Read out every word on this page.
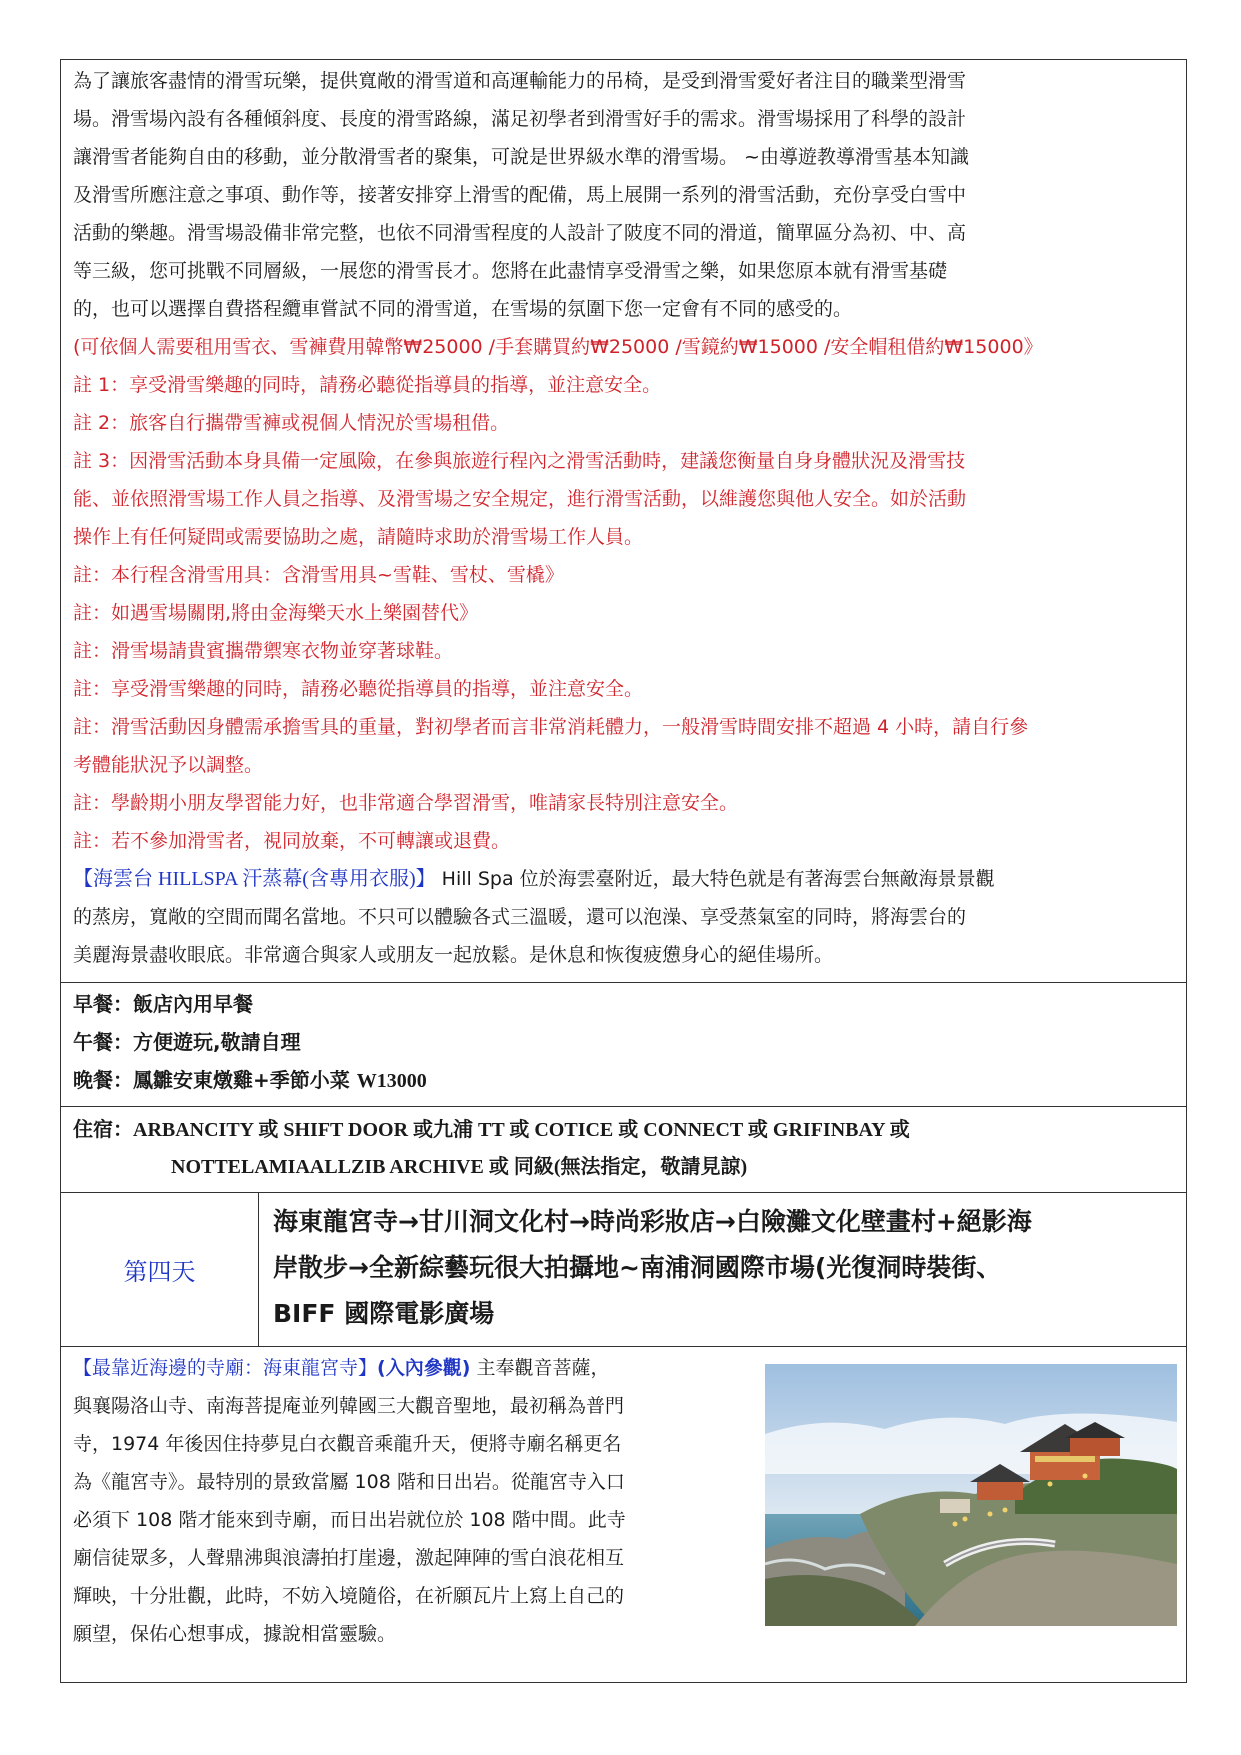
為了讓旅客盡情的滑雪玩樂，提供寬敞的滑雪道和高運輸能力的吊椅，是受到滑雪愛好者注目的職業型滑雪
場。滑雪場內設有各種傾斜度、長度的滑雪路線，滿足初學者到滑雪好手的需求。滑雪場採用了科學的設計
讓滑雪者能夠自由的移動，並分散滑雪者的聚集，可說是世界級水準的滑雪場。 ~由導遊教導滑雪基本知識
及滑雪所應注意之事項、動作等，接著安排穿上滑雪的配備，馬上展開一系列的滑雪活動，充份享受白雪中
活動的樂趣。滑雪場設備非常完整，也依不同滑雪程度的人設計了陂度不同的滑道，簡單區分為初、中、高
等三級，您可挑戰不同層級，一展您的滑雪長才。您將在此盡情享受滑雪之樂，如果您原本就有滑雪基礎
的，也可以選擇自費搭程纜車嘗試不同的滑雪道，在雪場的氛圍下您一定會有不同的感受的。
(可依個人需要租用雪衣、雪褲費用韓幣₩25000 /手套購買約₩25000 /雪鏡約₩15000 /安全帽租借約₩15000》
註 1：享受滑雪樂趣的同時，請務必聽從指導員的指導，並注意安全。
註 2：旅客自行攜帶雪褲或視個人情況於雪場租借。
註 3：因滑雪活動本身具備一定風險，在參與旅遊行程內之滑雪活動時，建議您衡量自身身體狀況及滑雪技
能、並依照滑雪場工作人員之指導、及滑雪場之安全規定，進行滑雪活動，以維護您與他人安全。如於活動
操作上有任何疑問或需要協助之處，請隨時求助於滑雪場工作人員。
註：本行程含滑雪用具：含滑雪用具~雪鞋、雪杖、雪橇》
註：如遇雪場關閉,將由金海樂天水上樂園替代》
註：滑雪場請貴賓攜帶禦寒衣物並穿著球鞋。
註：享受滑雪樂趣的同時，請務必聽從指導員的指導，並注意安全。
註：滑雪活動因身體需承擔雪具的重量，對初學者而言非常消耗體力，一般滑雪時間安排不超過 4 小時，請自行參
考體能狀況予以調整。
註：學齡期小朋友學習能力好，也非常適合學習滑雪，唯請家長特別注意安全。
註：若不參加滑雪者，視同放棄，不可轉讓或退費。
【海雲台 HILLSPA 汗蒸幕(含專用衣服)】 Hill Spa 位於海雲臺附近，最大特色就是有著海雲台無敵海景景觀
的蒸房，寬敞的空間而聞名當地。不只可以體驗各式三溫暖，還可以泡澡、享受蒸氣室的同時，將海雲台的
美麗海景盡收眼底。非常適合與家人或朋友一起放鬆。是休息和恢復疲憊身心的絕佳場所。
早餐：飯店內用早餐
午餐：方便遊玩,敬請自理
晚餐：鳳雛安東燉雞+季節小菜 W13000
住宿：ARBANCITY 或 SHIFT DOOR 或九浦 TT 或 COTICE 或 CONNECT 或 GRIFINBAY 或
NOTTELAMIAALLZIB ARCHIVE 或 同級(無法指定，敬請見諒)
第四天
海東龍宮寺→甘川洞文化村→時尚彩妝店→白險灘文化壁畫村+絕影海
岸散步→全新綜藝玩很大拍攝地~南浦洞國際市場(光復洞時裝街、
BIFF 國際電影廣場
【最靠近海邊的寺廟：海東龍宮寺】(入內參觀) 主奉觀音菩薩，
與襄陽洛山寺、南海菩提庵並列韓國三大觀音聖地，最初稱為普門
寺，1974 年後因住持夢見白衣觀音乘龍升天，便將寺廟名稱更名
為《龍宮寺》。最特別的景致當屬 108 階和日出岩。從龍宮寺入口
必須下 108 階才能來到寺廟，而日出岩就位於 108 階中間。此寺
廟信徒眾多，人聲鼎沸與浪濤拍打崖邊，激起陣陣的雪白浪花相互
輝映，十分壯觀，此時，不妨入境隨俗，在祈願瓦片上寫上自己的
願望，保佑心想事成，據說相當靈驗。
